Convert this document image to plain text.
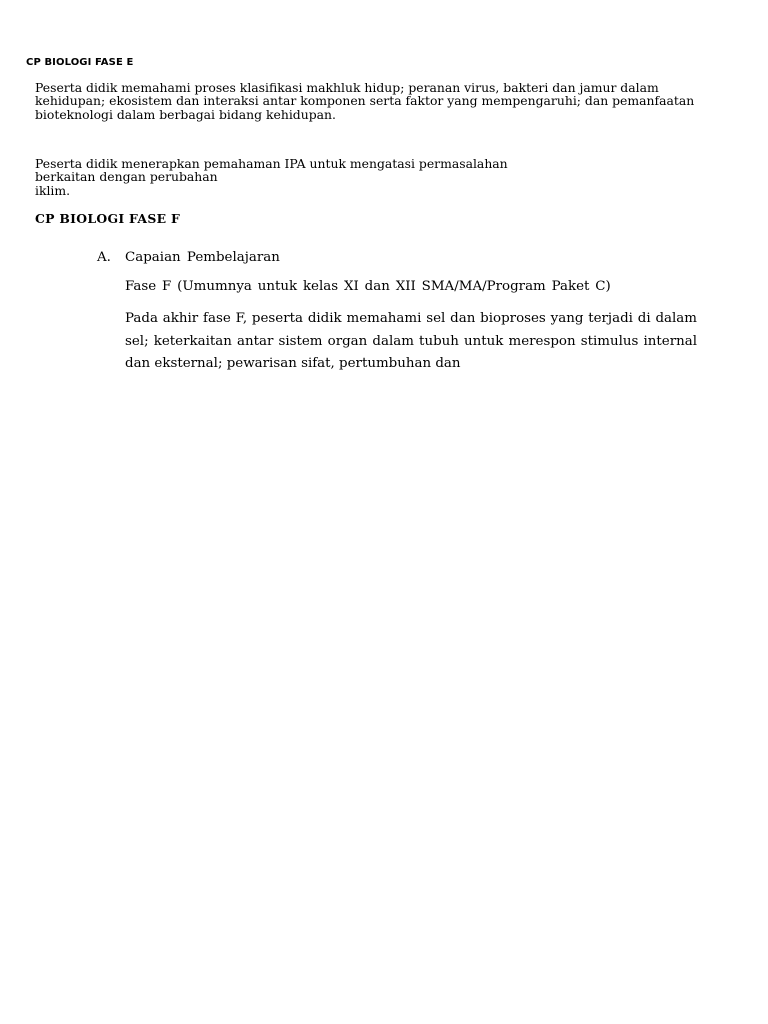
CP BIOLOGI FASE E
Peserta didik memahami proses klasifikasi makhluk hidup; peranan virus, bakteri dan jamur dalam kehidupan; ekosistem dan interaksi antar komponen serta faktor yang mempengaruhi; dan pemanfaatan bioteknologi dalam berbagai bidang kehidupan.
Peserta didik menerapkan pemahaman IPA untuk mengatasi permasalahan
berkaitan dengan perubahan
iklim.
CP BIOLOGI FASE F
A. Capaian Pembelajaran
Fase F (Umumnya untuk kelas XI dan XII SMA/MA/Program Paket C)
Pada akhir fase F, peserta didik memahami sel dan bioproses yang terjadi di dalam sel; keterkaitan antar sistem organ dalam tubuh untuk merespon stimulus internal dan eksternal; pewarisan sifat, pertumbuhan dan
